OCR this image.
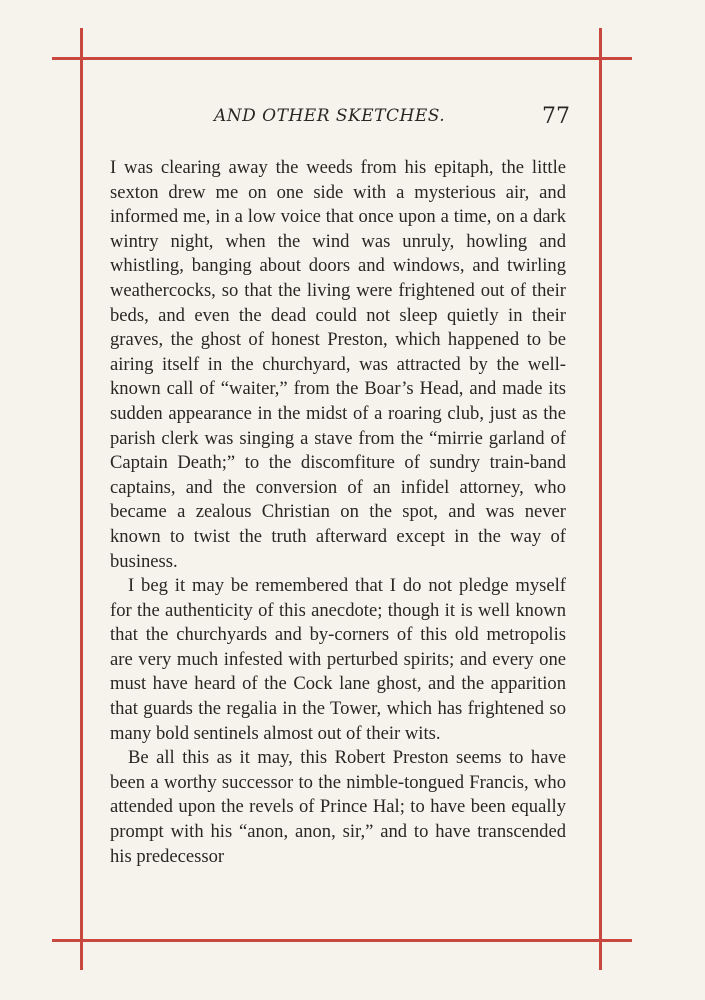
AND OTHER SKETCHES.	77

I was clearing away the weeds from his epitaph, the little sexton drew me on one side with a mysterious air, and informed me, in a low voice that once upon a time, on a dark wintry night, when the wind was unruly, howling and whistling, banging about doors and windows, and twirling weathercocks, so that the living were frightened out of their beds, and even the dead could not sleep quietly in their graves, the ghost of honest Preston, which happened to be airing itself in the churchyard, was attracted by the well-known call of “waiter,” from the Boar’s Head, and made its sudden appearance in the midst of a roaring club, just as the parish clerk was singing a stave from the “mirrie garland of Captain Death;” to the discomfiture of sundry train-band captains, and the conversion of an infidel attorney, who became a zealous Christian on the spot, and was never known to twist the truth afterward except in the way of business.

I beg it may be remembered that I do not pledge myself for the authenticity of this anecdote; though it is well known that the churchyards and by-corners of this old metropolis are very much infested with perturbed spirits; and every one must have heard of the Cock lane ghost, and the apparition that guards the regalia in the Tower, which has frightened so many bold sentinels almost out of their wits.

Be all this as it may, this Robert Preston seems to have been a worthy successor to the nimble-tongued Francis, who attended upon the revels of Prince Hal; to have been equally prompt with his “anon, anon, sir,” and to have transcended his predecessor
